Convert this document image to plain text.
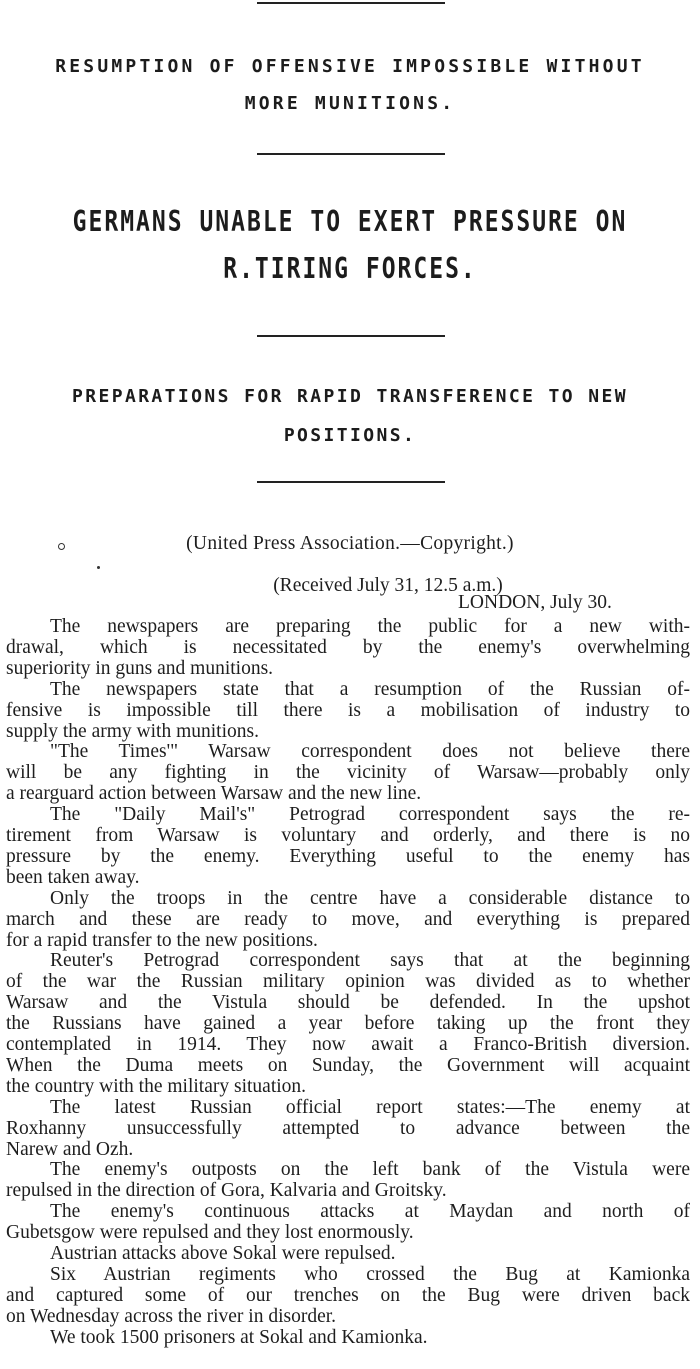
RESUMPTION OF OFFENSIVE IMPOSSIBLE WITHOUT
MORE MUNITIONS.
GERMANS UNABLE TO EXERT PRESSURE ON
R.TIRING FORCES.
PREPARATIONS FOR RAPID TRANSFERENCE TO NEW
POSITIONS.
(United Press Association.—Copyright.)
(Received July 31, 12.5 a.m.)
LONDON, July 30.
The newspapers are preparing the public for a new with-
drawal, which is necessitated by the enemy's overwhelming
superiority in guns and munitions.
The newspapers state that a resumption of the Russian of-
fensive is impossible till there is a mobilisation of industry to
supply the army with munitions.
"The Times'" Warsaw correspondent does not believe there
will be any fighting in the vicinity of Warsaw—probably only
a rearguard action between Warsaw and the new line.
The "Daily Mail's" Petrograd correspondent says the re-
tirement from Warsaw is voluntary and orderly, and there is no
pressure by the enemy. Everything useful to the enemy has
been taken away.
Only the troops in the centre have a considerable distance to
march and these are ready to move, and everything is prepared
for a rapid transfer to the new positions.
Reuter's Petrograd correspondent says that at the beginning
of the war the Russian military opinion was divided as to whether
Warsaw and the Vistula should be defended. In the upshot
the Russians have gained a year before taking up the front they
contemplated in 1914. They now await a Franco-British diversion.
When the Duma meets on Sunday, the Government will acquaint
the country with the military situation.
The latest Russian official report states:—The enemy at
Roxhanny unsuccessfully attempted to advance between the
Narew and Ozh.
The enemy's outposts on the left bank of the Vistula were
repulsed in the direction of Gora, Kalvaria and Groitsky.
The enemy's continuous attacks at Maydan and north of
Gubetsgow were repulsed and they lost enormously.
Austrian attacks above Sokal were repulsed.
Six Austrian regiments who crossed the Bug at Kamionka
and captured some of our trenches on the Bug were driven back
on Wednesday across the river in disorder.
We took 1500 prisoners at Sokal and Kamionka.
